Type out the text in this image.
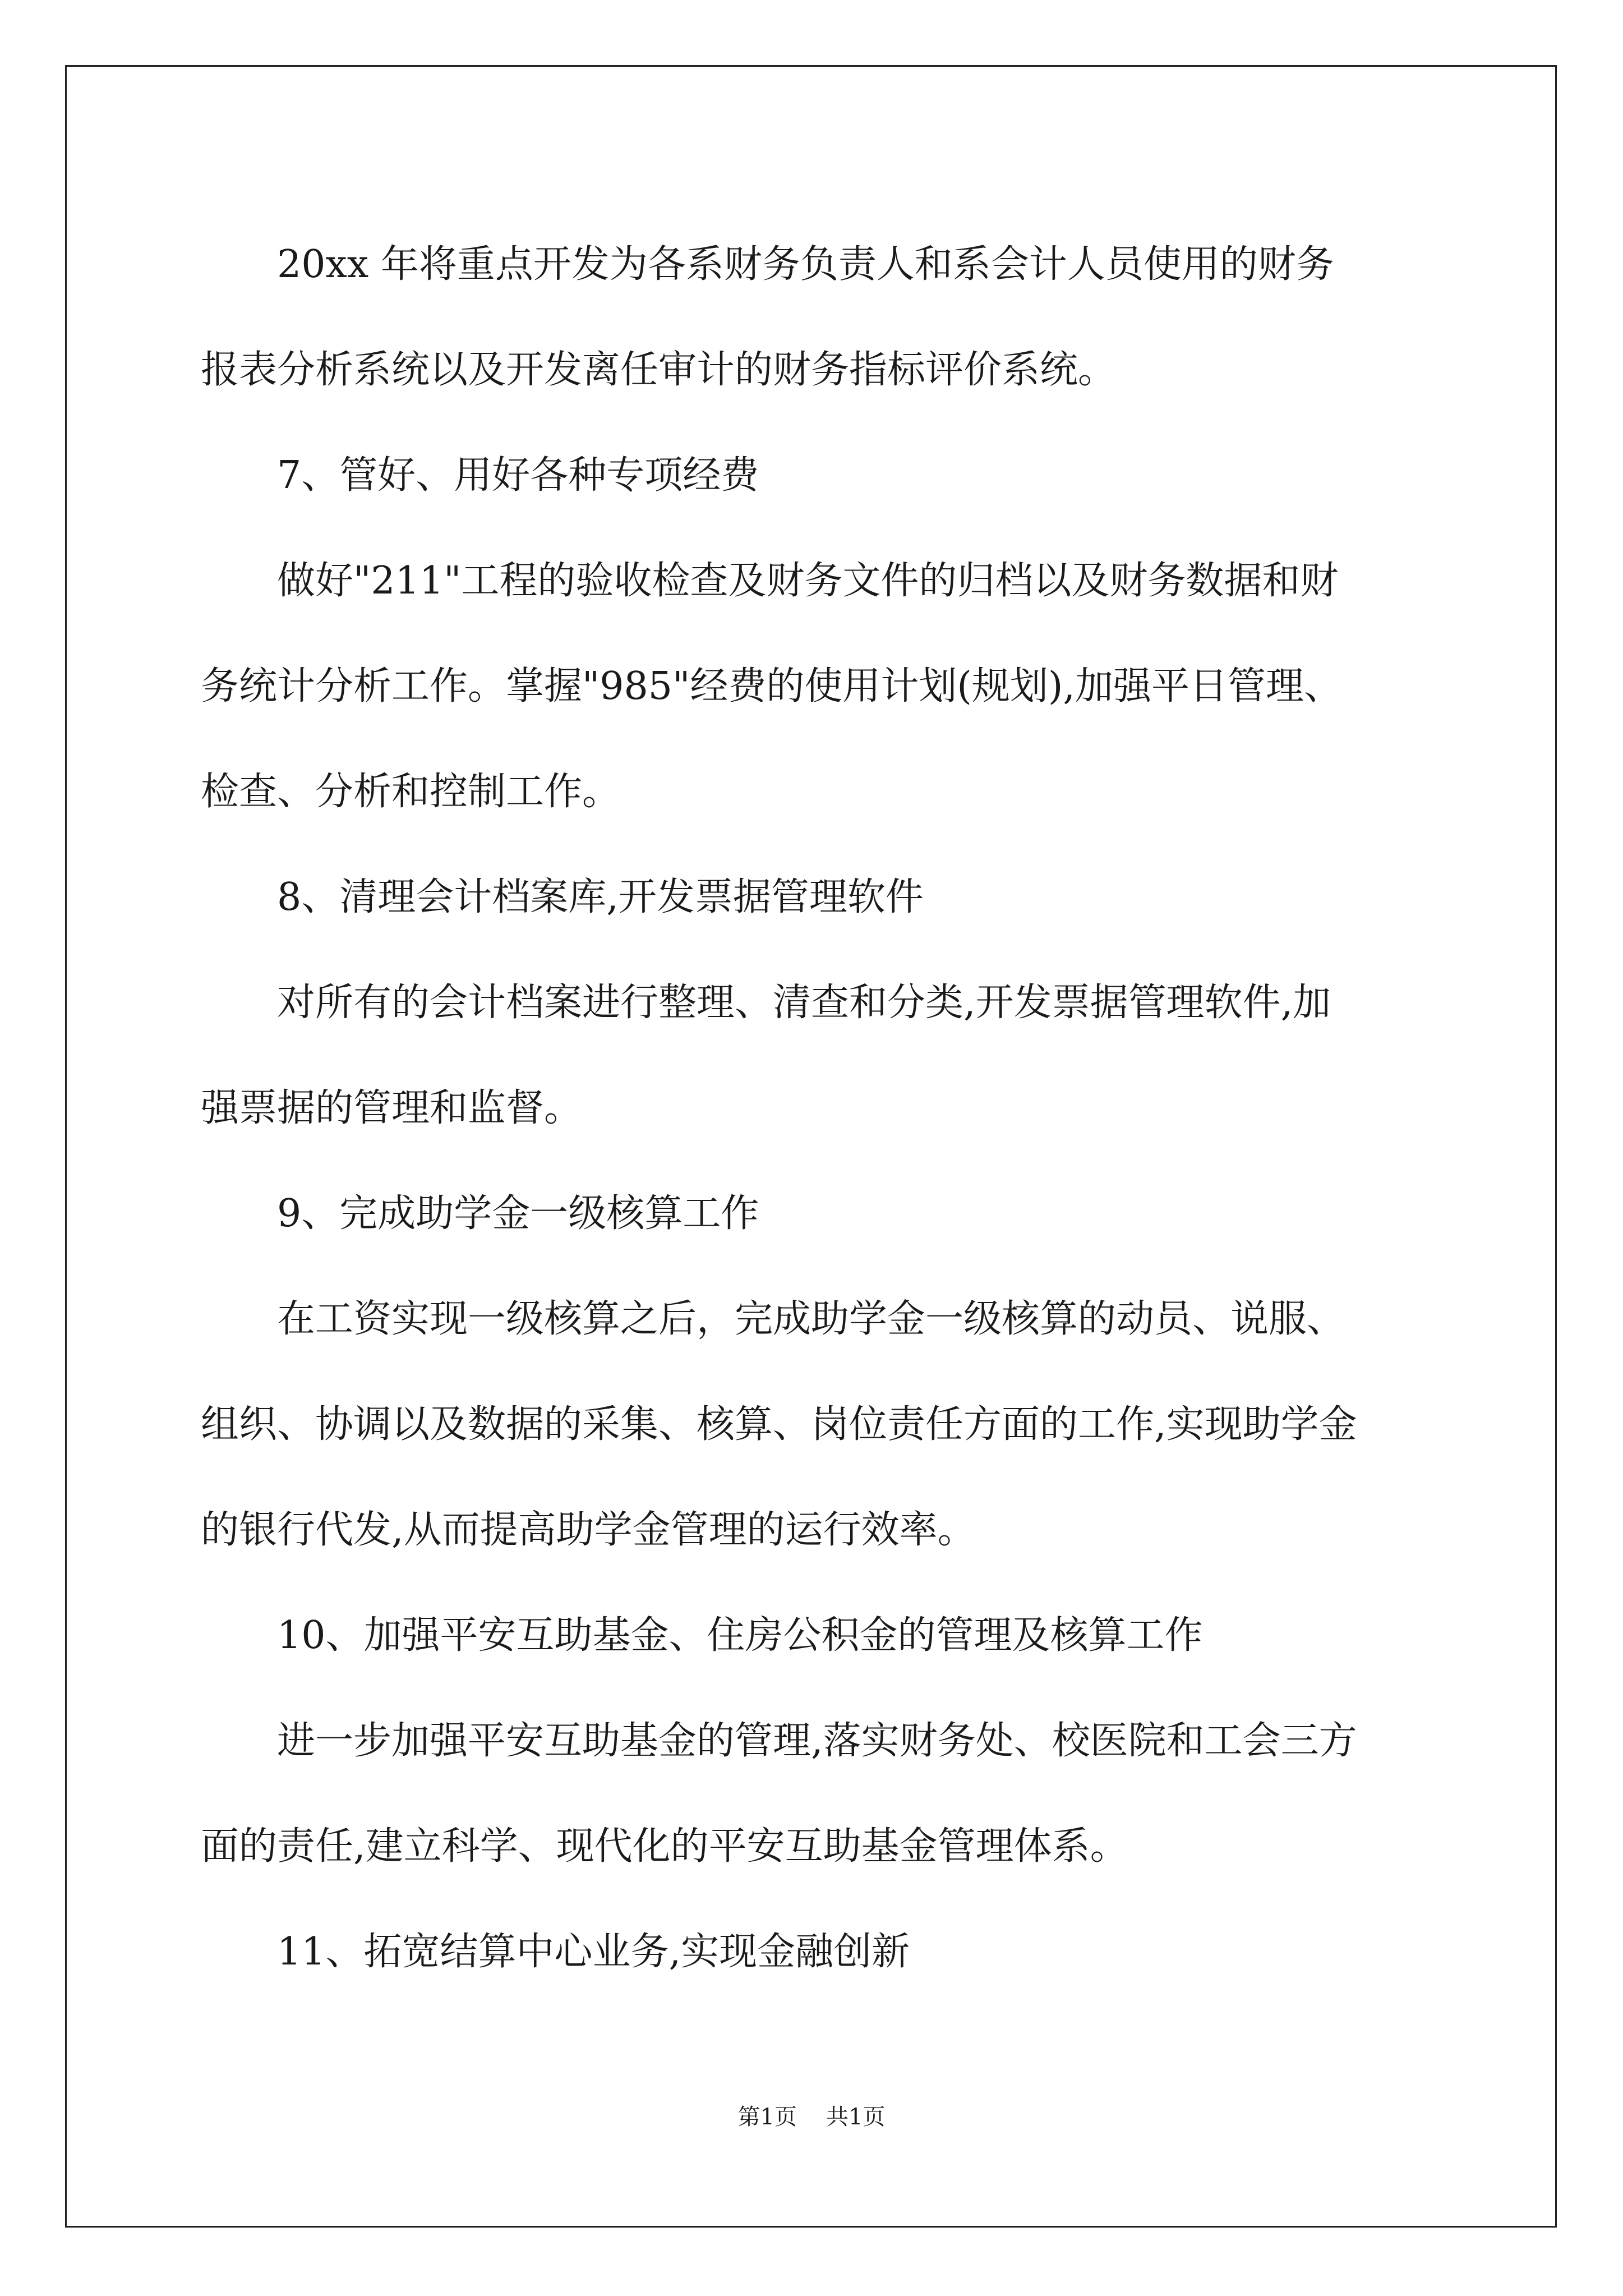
20xx 年将重点开发为各系财务负责人和系会计人员使用的财务
报表分析系统以及开发离任审计的财务指标评价系统。
7、管好、用好各种专项经费
做好"211"工程的验收检查及财务文件的归档以及财务数据和财
务统计分析工作。掌握"985"经费的使用计划(规划),加强平日管理、
检查、分析和控制工作。
8、清理会计档案库,开发票据管理软件
对所有的会计档案进行整理、清查和分类,开发票据管理软件,加
强票据的管理和监督。
9、完成助学金一级核算工作
在工资实现一级核算之后，完成助学金一级核算的动员、说服、
组织、协调以及数据的采集、核算、岗位责任方面的工作,实现助学金
的银行代发,从而提高助学金管理的运行效率。
10、加强平安互助基金、住房公积金的管理及核算工作
进一步加强平安互助基金的管理,落实财务处、校医院和工会三方
面的责任,建立科学、现代化的平安互助基金管理体系。
11、拓宽结算中心业务,实现金融创新
第1页 共1页
